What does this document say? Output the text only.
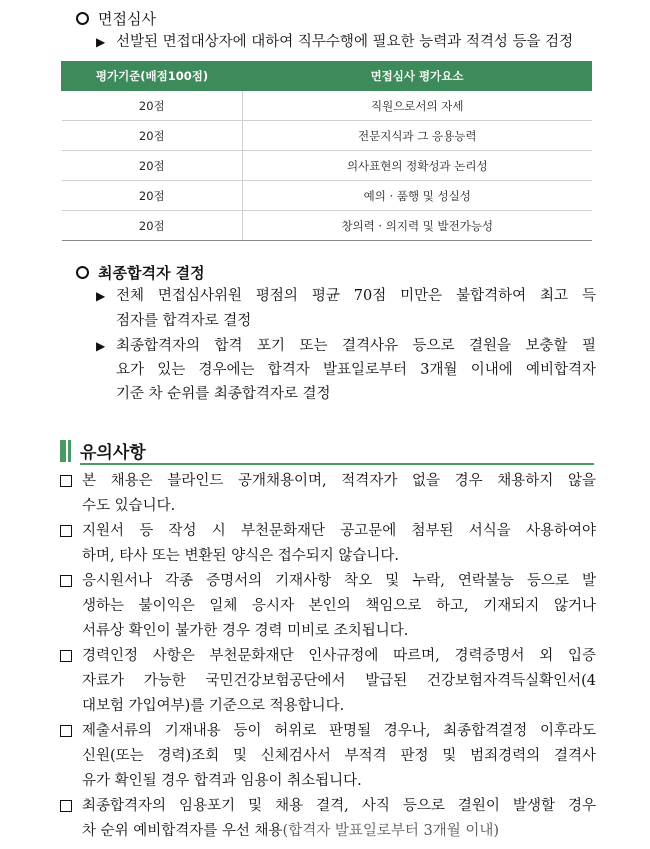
면접심사
▶ 선발된 면접대상자에 대하여 직무수행에 필요한 능력과 적격성 등을 검정
평가기준(배점100점)	면접심사 평가요소
20점	직원으로서의 자세
20점	전문지식과 그 응용능력
20점	의사표현의 정확성과 논리성
20점	예의 · 품행 및 성실성
20점	창의력 · 의지력 및 발전가능성
최종합격자 결정
▶ 전체 면접심사위원 평점의 평균 70점 미만은 불합격하여 최고 득
점자를 합격자로 결정
▶ 최종합격자의 합격 포기 또는 결격사유 등으로 결원을 보충할 필
요가 있는 경우에는 합격자 발표일로부터 3개월 이내에 예비합격자
기준 차 순위를 최종합격자로 결정
유의사항
본 채용은 블라인드 공개채용이며, 적격자가 없을 경우 채용하지 않을
수도 있습니다.
지원서 등 작성 시 부천문화재단 공고문에 첨부된 서식을 사용하여야
하며, 타사 또는 변환된 양식은 접수되지 않습니다.
응시원서나 각종 증명서의 기재사항 착오 및 누락, 연락불능 등으로 발
생하는 불이익은 일체 응시자 본인의 책임으로 하고, 기재되지 않거나
서류상 확인이 불가한 경우 경력 미비로 조치됩니다.
경력인정 사항은 부천문화재단 인사규정에 따르며, 경력증명서 외 입증
자료가 가능한 국민건강보험공단에서 발급된 건강보험자격득실확인서(4
대보험 가입여부)를 기준으로 적용합니다.
제출서류의 기재내용 등이 허위로 판명될 경우나, 최종합격결정 이후라도
신원(또는 경력)조회 및 신체검사서 부적격 판정 및 범죄경력의 결격사
유가 확인될 경우 합격과 임용이 취소됩니다.
최종합격자의 임용포기 및 채용 결격, 사직 등으로 결원이 발생할 경우
차 순위 예비합격자를 우선 채용(합격자 발표일로부터 3개월 이내)
